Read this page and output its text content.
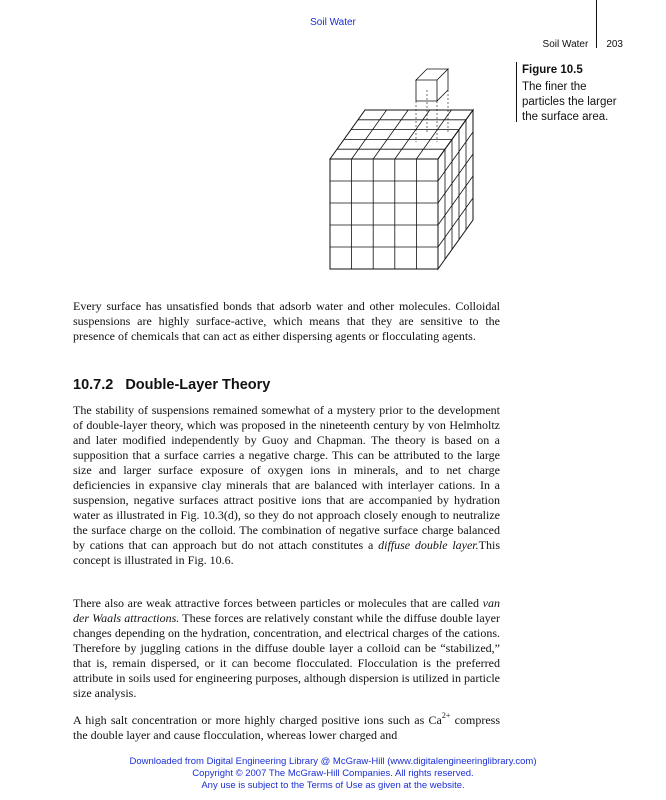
Soil Water
Soil Water 203
Figure 10.5
The finer the particles the larger the surface area.
Every surface has unsatisfied bonds that adsorb water and other molecules. Colloidal suspensions are highly surface-active, which means that they are sensitive to the presence of chemicals that can act as either dispersing agents or flocculating agents.
10.7.2 Double-Layer Theory
The stability of suspensions remained somewhat of a mystery prior to the development of double-layer theory, which was proposed in the nineteenth century by von Helmholtz and later modified independently by Guoy and Chapman. The theory is based on a supposition that a surface carries a negative charge. This can be attributed to the large size and larger surface exposure of oxygen ions in minerals, and to net charge deficiencies in expansive clay minerals that are balanced with interlayer cations. In a suspension, negative surfaces attract positive ions that are accompanied by hydration water as illustrated in Fig. 10.3(d), so they do not approach closely enough to neutralize the surface charge on the colloid. The combination of negative surface charge balanced by cations that can approach but do not attach constitutes a diffuse double layer.This concept is illustrated in Fig. 10.6.
There also are weak attractive forces between particles or molecules that are called van der Waals attractions. These forces are relatively constant while the diffuse double layer changes depending on the hydration, concentration, and electrical charges of the cations. Therefore by juggling cations in the diffuse double layer a colloid can be “stabilized,” that is, remain dispersed, or it can become flocculated. Flocculation is the preferred attribute in soils used for engineering purposes, although dispersion is utilized in particle size analysis.
A high salt concentration or more highly charged positive ions such as $Ca^{2+}$ compress the double layer and cause flocculation, whereas lower charged and
Downloaded from Digital Engineering Library @ McGraw-Hill (www.digitalengineeringlibrary.com)
Copyright © 2007 The McGraw-Hill Companies. All rights reserved.
Any use is subject to the Terms of Use as given at the website.
